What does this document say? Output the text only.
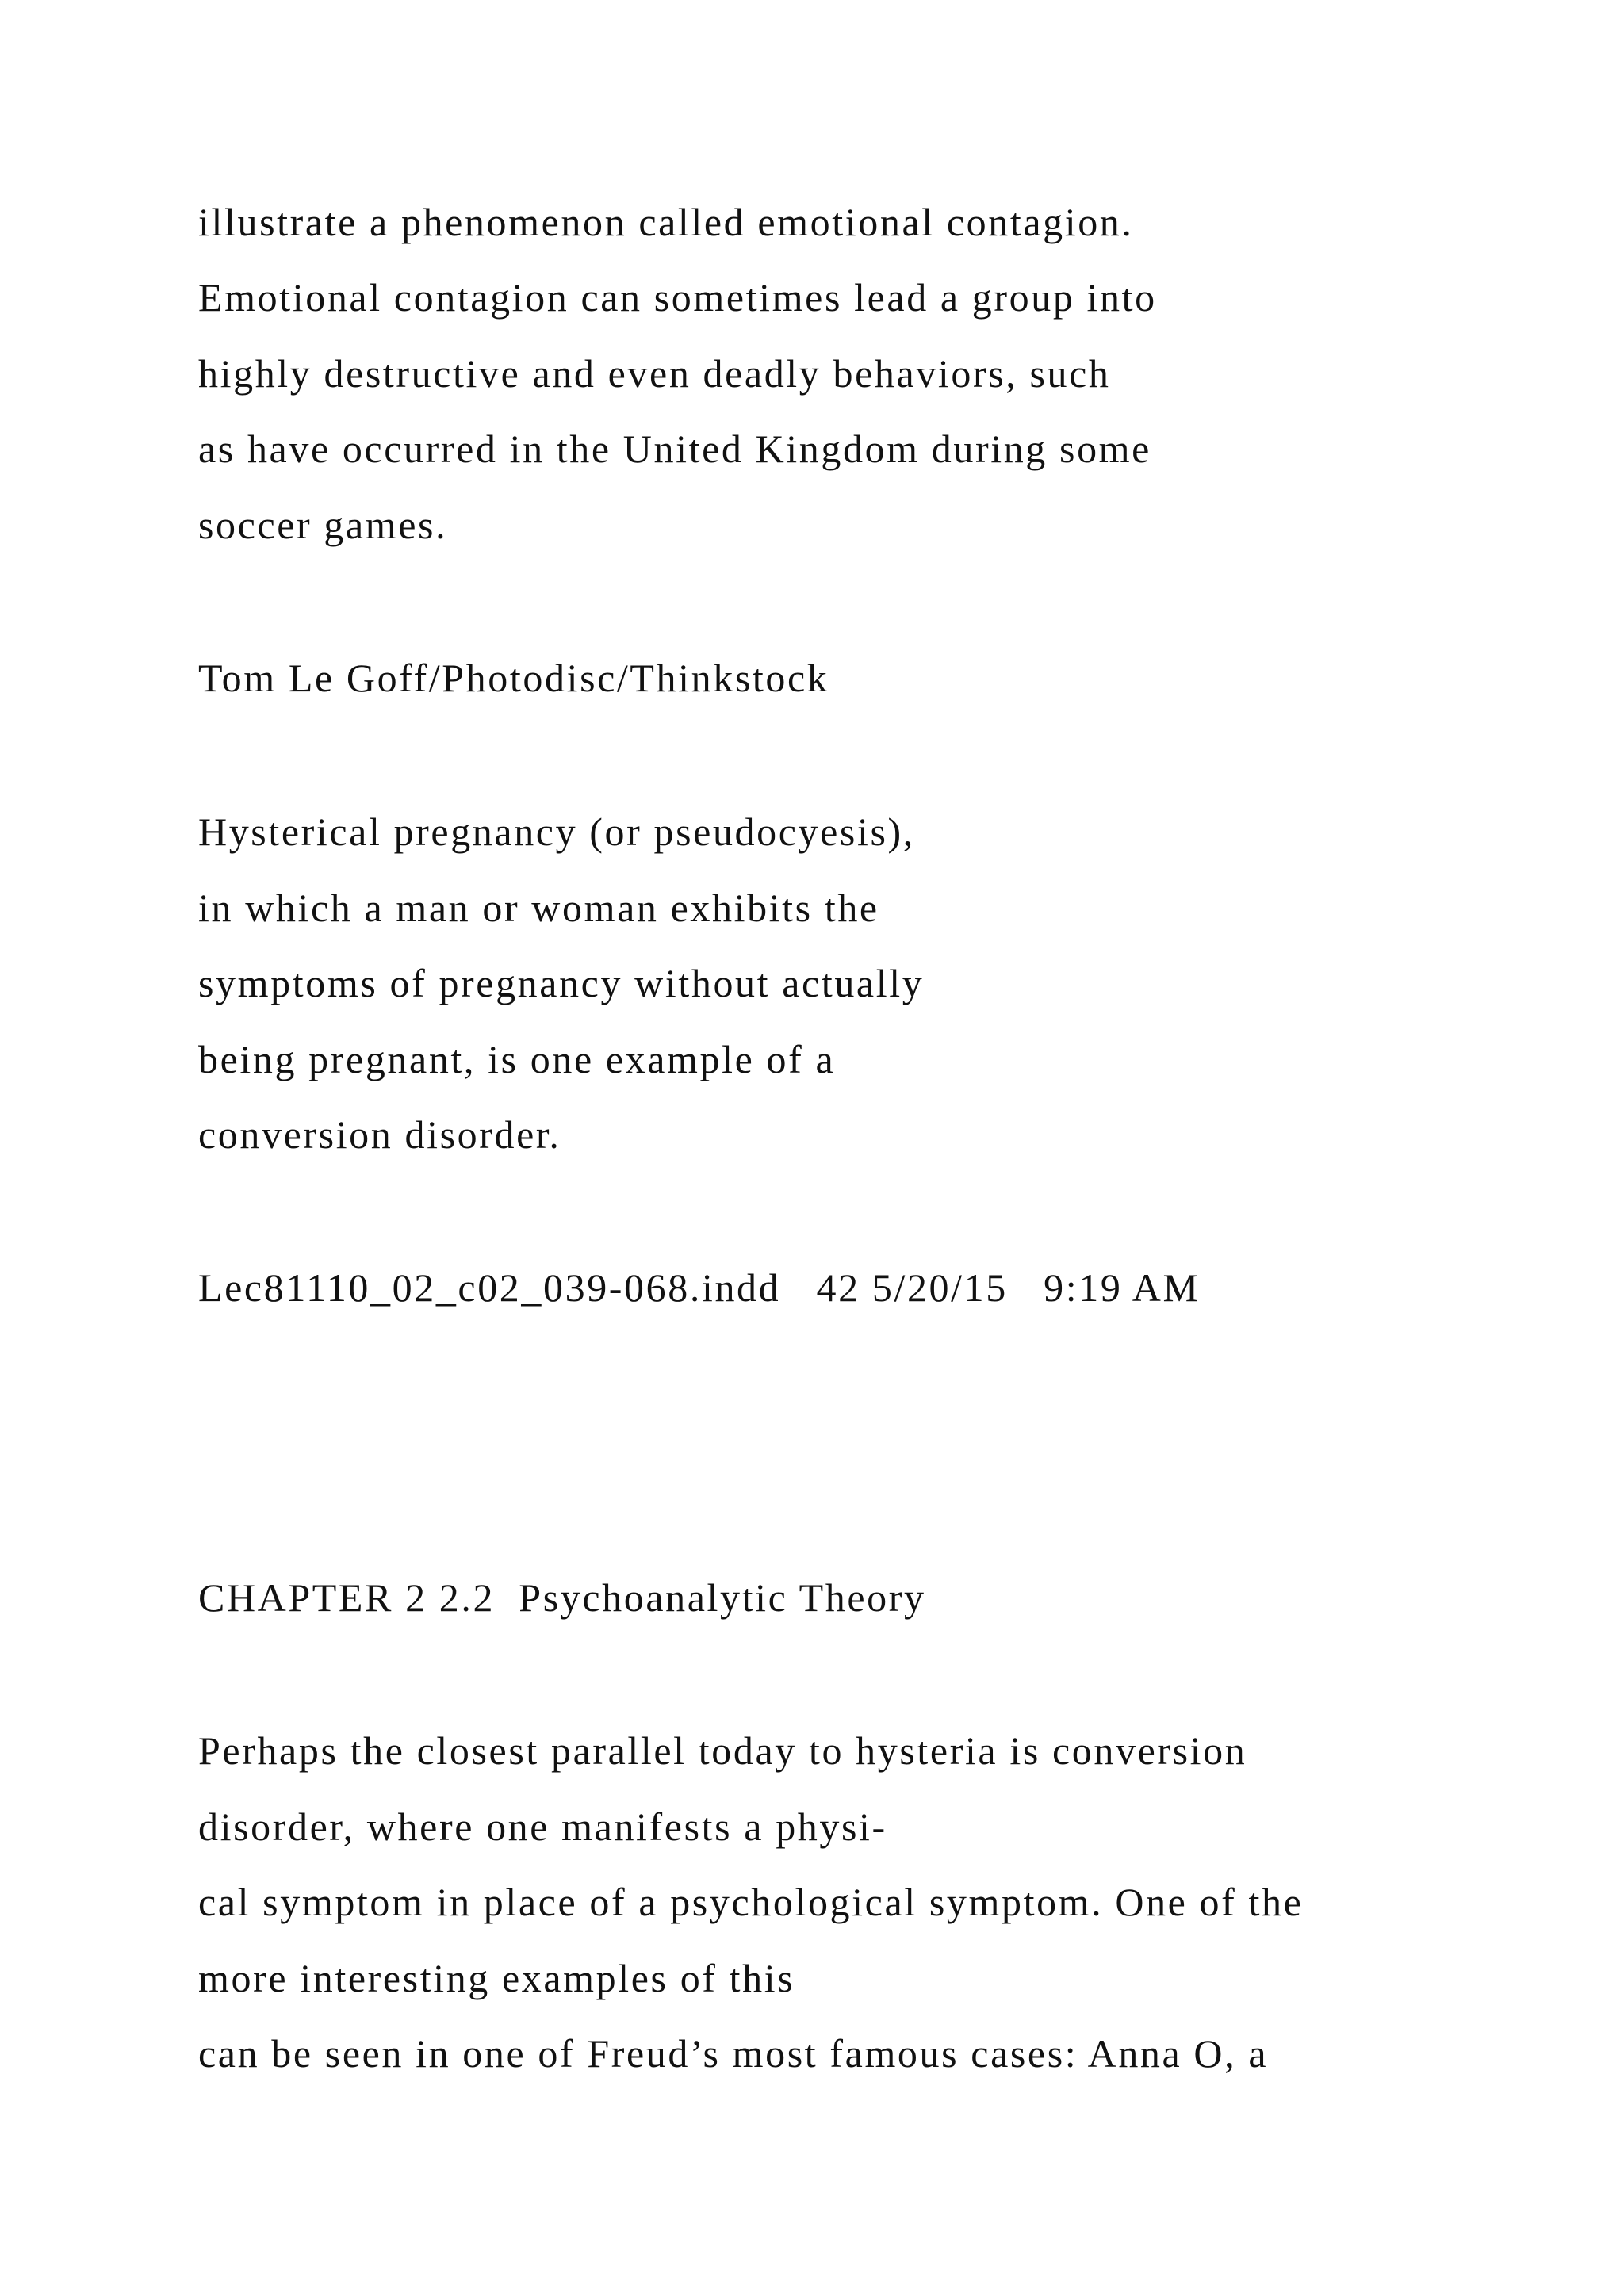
illustrate a phenomenon called emotional contagion.

Emotional contagion can sometimes lead a group into

highly destructive and even deadly behaviors, such

as have occurred in the United Kingdom during some

soccer games.

Tom Le Goff/Photodisc/Thinkstock

Hysterical pregnancy (or pseudocyesis),

in which a man or woman exhibits the

symptoms of pregnancy without actually

being pregnant, is one example of a

conversion disorder.

Lec81110_02_c02_039-068.indd   42 5/20/15   9:19 AM

CHAPTER 2 2.2  Psychoanalytic Theory

Perhaps the closest parallel today to hysteria is conversion

disorder, where one manifests a physi-

cal symptom in place of a psychological symptom. One of the

more interesting examples of this

can be seen in one of Freud’s most famous cases: Anna O, a
